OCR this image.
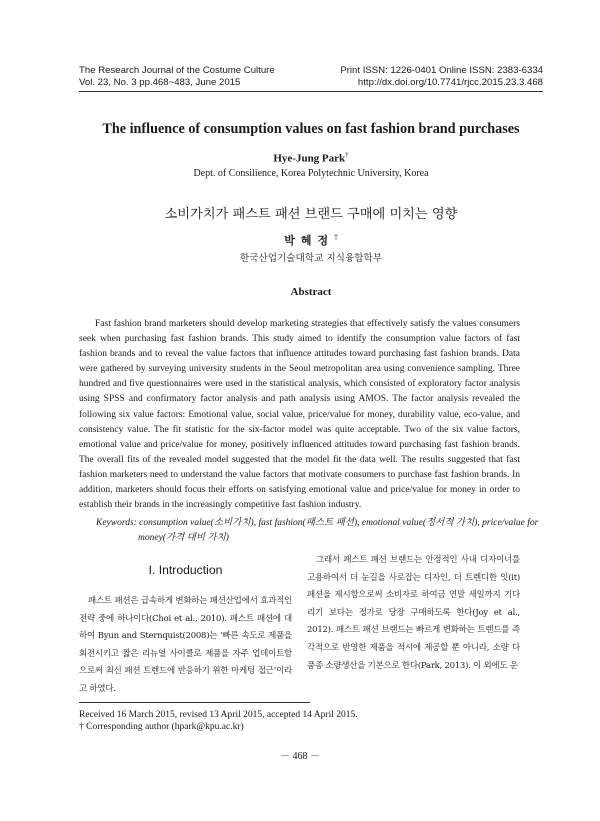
The Research Journal of the Costume Culture	Print ISSN: 1226-0401 Online ISSN: 2383-6334
Vol. 23, No. 3 pp.468~483, June 2015	http://dx.doi.org/10.7741/rjcc.2015.23.3.468
The influence of consumption values on fast fashion brand purchases
Hye-Jung Park†
Dept. of Consilience, Korea Polytechnic University, Korea
소비가치가 패스트 패션 브랜드 구매에 미치는 영향
박혜정†
한국산업기술대학교 지식융합학부
Abstract

Fast fashion brand marketers should develop marketing strategies that effectively satisfy the values consumers seek when purchasing fast fashion brands. This study aimed to identify the consumption value factors of fast fashion brands and to reveal the value factors that influence attitudes toward purchasing fast fashion brands. Data were gathered by surveying university students in the Seoul metropolitan area using convenience sampling. Three hundred and five questionnaires were used in the statistical analysis, which consisted of exploratory factor analysis using SPSS and confirmatory factor analysis and path analysis using AMOS. The factor analysis revealed the following six value factors: Emotional value, social value, price/value for money, durability value, eco-value, and consistency value. The fit statistic for the six-factor model was quite acceptable. Two of the six value factors, emotional value and price/value for money, positively influenced attitudes toward purchasing fast fashion brands. The overall fits of the revealed model suggested that the model fit the data well. The results suggested that fast fashion marketers need to understand the value factors that motivate consumers to purchase fast fashion brands. In addition, marketers should focus their efforts on satisfying emotional value and price/value for money in order to establish their brands in the increasingly competitive fast fashion industry.

Keywords: consumption value(소비가치), fast fashion(패스트 패션), emotional value(정서적 가치), price/value for money(가격 대비 가치)

I. Introduction

패스트 패션은 급속하게 변화하는 패션산업에서 효과적인 전략 중에 하나이다(Choi et al., 2010). 패스트 패션에 대하여 Byun and Sternquist(2008)는 ‘빠른 속도로 제품을 회전시키고 짧은 리뉴얼 사이클로 제품을 자주 업데이트함으로써 최신 패션 트렌드에 반응하기 위한 마케팅 접근’이라고 하였다.

그래서 패스트 패션 브랜드는 안정적인 사내 디자이너를 고용하여서 더 눈길을 사로잡는 디자인, 더 트렌디한 잇(it) 패션을 제시함으로써 소비자로 하여금 연말 세일까지 기다리기 보다는 정가로 당장 구매하도록 한다(Joy et al., 2012). 패스트 패션 브랜드는 빠르게 변화하는 트렌드를 즉각적으로 반영한 제품을 적시에 제공할 뿐 아니라, 소량 다품종 소량생산을 기본으로 한다(Park, 2013). 이 외에도 운

Received 16 March 2015, revised 13 April 2015, accepted 14 April 2015.
† Corresponding author (hpark@kpu.ac.kr)
－ 468 －
